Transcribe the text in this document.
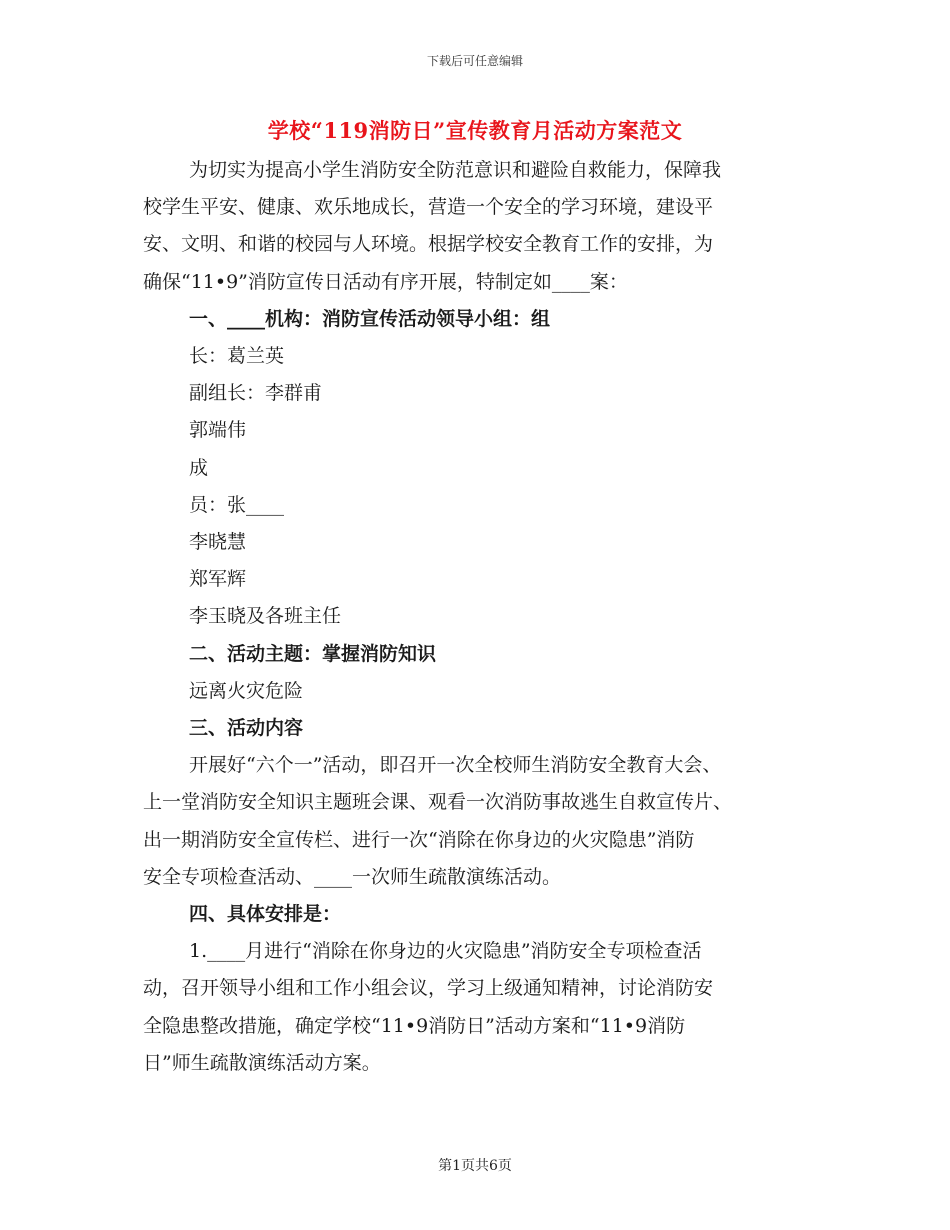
下载后可任意编辑
学校“119消防日”宣传教育月活动方案范文

为切实为提高小学生消防安全防范意识和避险自救能力，保障我

校学生平安、健康、欢乐地成长，营造一个安全的学习环境，建设平

安、文明、和谐的校园与人环境。根据学校安全教育工作的安排，为

确保“11•9”消防宣传日活动有序开展，特制定如____案：

一、____机构：消防宣传活动领导小组：组

长：葛兰英

副组长：李群甫

郭端伟

成

员：张____

李晓慧

郑军辉

李玉晓及各班主任

二、活动主题：掌握消防知识

远离火灾危险

三、活动内容

开展好“六个一”活动，即召开一次全校师生消防安全教育大会、

上一堂消防安全知识主题班会课、观看一次消防事故逃生自救宣传片、

出一期消防安全宣传栏、进行一次“消除在你身边的火灾隐患”消防

安全专项检查活动、____一次师生疏散演练活动。

四、具体安排是：

1.____月进行“消除在你身边的火灾隐患”消防安全专项检查活

动，召开领导小组和工作小组会议，学习上级通知精神，讨论消防安

全隐患整改措施，确定学校“11•9消防日”活动方案和“11•9消防

日”师生疏散演练活动方案。

第1页共6页
